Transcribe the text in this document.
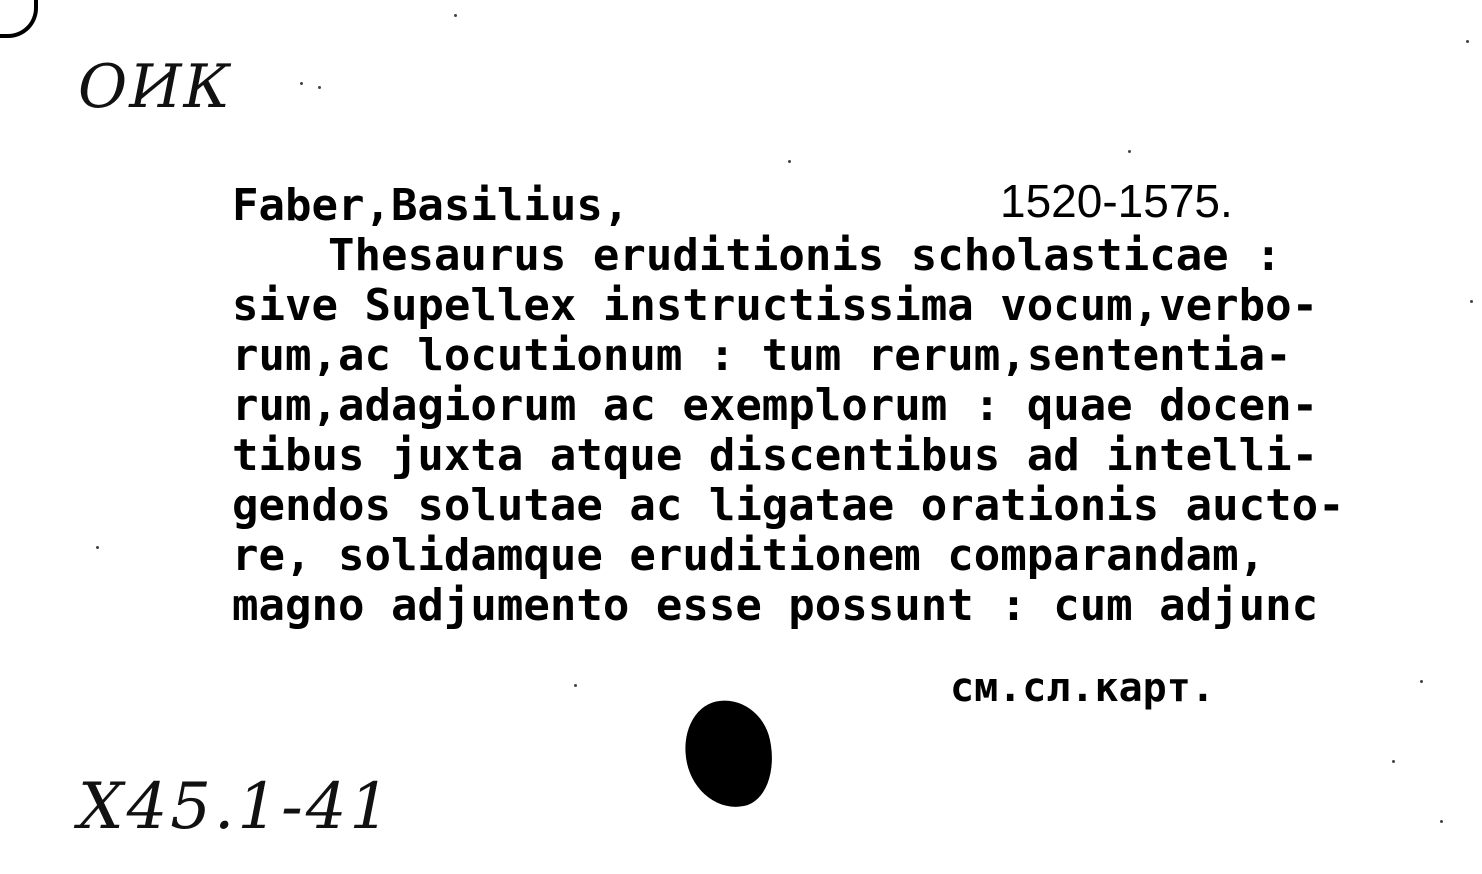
ОИК
Faber,Basilius,	1520-1575.
Thesaurus eruditionis scholasticae :
sive Supellex instructissima vocum,verbo-
rum,ac locutionum : tum rerum,sententia-
rum,adagiorum ac exemplorum : quae docen-
tibus juxta atque discentibus ad intelli-
gendos solutae ac ligatae orationis aucto-
re, solidamque eruditionem comparandam,
magno adjumento esse possunt : cum adjunc
см.сл.карт.
X45.1-41
